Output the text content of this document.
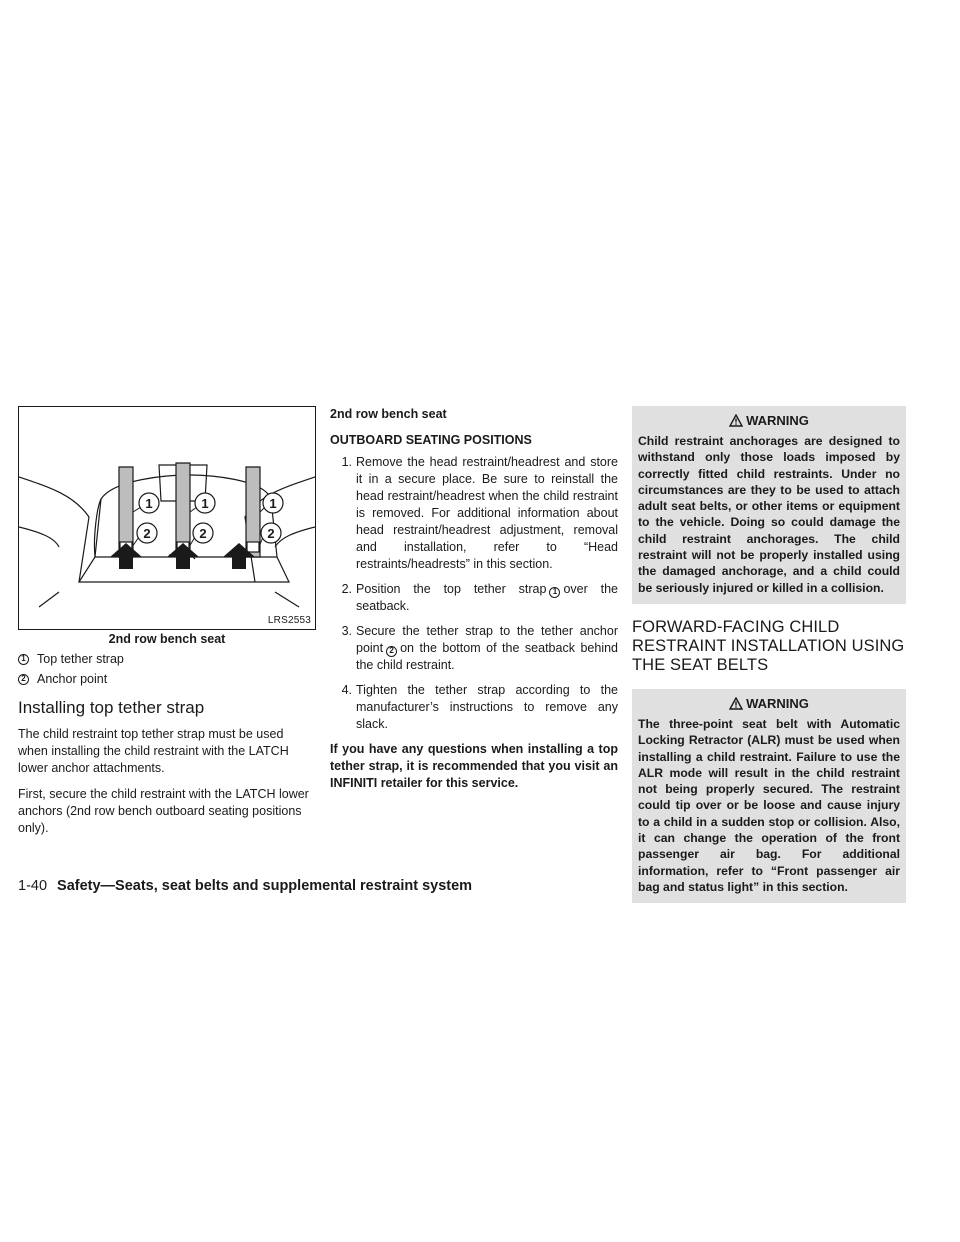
1	1	1
2	2	2
LRS2553
2nd row bench seat
1 Top tether strap
2 Anchor point
Installing top tether strap

The child restraint top tether strap must be used when installing the child restraint with the LATCH lower anchor attachments.

First, secure the child restraint with the LATCH lower anchors (2nd row bench outboard seating positions only).

2nd row bench seat

OUTBOARD SEATING POSITIONS

1. Remove the head restraint/headrest and store it in a secure place. Be sure to reinstall the head restraint/headrest when the child restraint is removed. For additional information about head restraint/headrest adjustment, removal and installation, refer to “Head restraints/headrests” in this section.
2. Position the top tether strap 1 over the seatback.
3. Secure the tether strap to the tether anchor point 2 on the bottom of the seatback behind the child restraint.
4. Tighten the tether strap according to the manufacturer’s instructions to remove any slack.

If you have any questions when installing a top tether strap, it is recommended that you visit an INFINITI retailer for this service.

WARNING
Child restraint anchorages are designed to withstand only those loads imposed by correctly fitted child restraints. Under no circumstances are they to be used to attach adult seat belts, or other items or equipment to the vehicle. Doing so could damage the child restraint anchorages. The child restraint will not be properly installed using the damaged anchorage, and a child could be seriously injured or killed in a collision.
FORWARD-FACING CHILD RESTRAINT INSTALLATION USING THE SEAT BELTS
WARNING
The three-point seat belt with Automatic Locking Retractor (ALR) must be used when installing a child restraint. Failure to use the ALR mode will result in the child restraint not being properly secured. The restraint could tip over or be loose and cause injury to a child in a sudden stop or collision. Also, it can change the operation of the front passenger air bag. For additional information, refer to “Front passenger air bag and status light” in this section.
1-40 Safety—Seats, seat belts and supplemental restraint system
